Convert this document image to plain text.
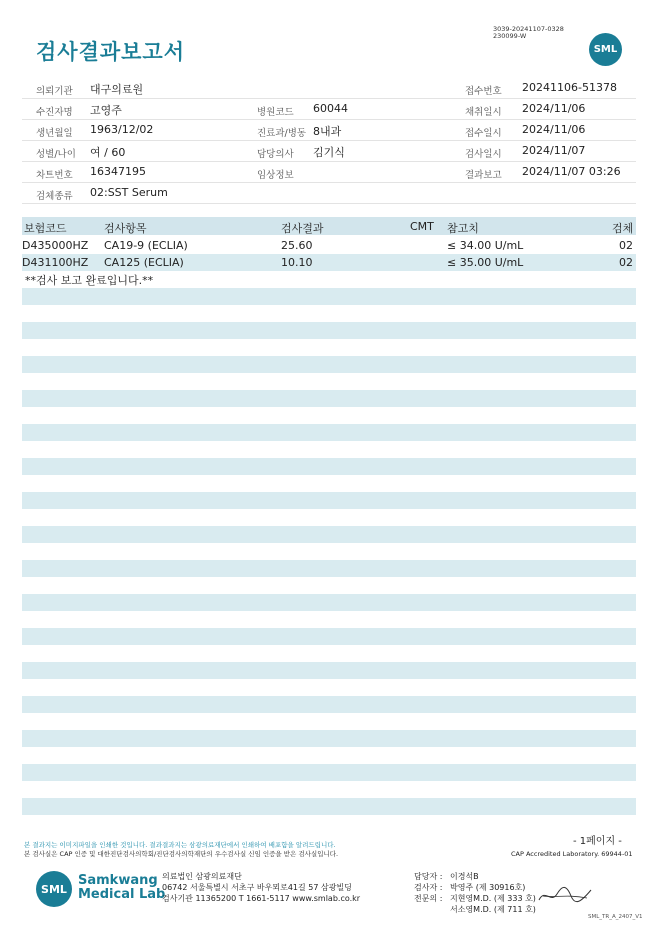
검사결과보고서
3039-20241107-0328
230099-W
SML
의뢰기관 대구의료원	접수번호 20241106-51378
수진자명 고영주	병원코드 60044	채취일시 2024/11/06
생년월일 1963/12/02	진료과/병동 8내과	접수일시 2024/11/06
성별/나이 여 / 60	담당의사 김기식	검사일시 2024/11/07
차트번호 16347195	임상정보	결과보고 2024/11/07 03:26
검체종류 02:SST Serum
보험코드	검사항목	검사결과	CMT 참고치	검체
D435000HZ CA19-9 (ECLIA)	25.60	≤ 34.00 U/mL	02
D431100HZ CA125 (ECLIA)	10.10	≤ 35.00 U/mL	02
**검사 보고 완료입니다.**
- 1페이지 -
본 결과지는 이미지파일을 인쇄한 것입니다. 결과결과지는 삼광의료재단에서 인쇄하여 배포함을 알려드립니다.
본 검사실은 CAP 인증 및 대한진단검사의학회/진단검사의학재단의 우수검사실 신임 인증을 받은 검사실입니다.	CAP Accredited Laboratory. 69944-01
SML
Samkwang
Medical Lab
의료법인 삼광의료재단
06742 서울특별시 서초구 바우뫼로41길 57 삼광빌딩
검사기관 11365200 T 1661-5117 www.smlab.co.kr
담당자 : 이경석B
검사자 : 박영주 (제 30916호)
전문의 : 지현영M.D. (제 333 호)
서소영M.D. (제 711 호)
SML_TR_A_2407_V1
